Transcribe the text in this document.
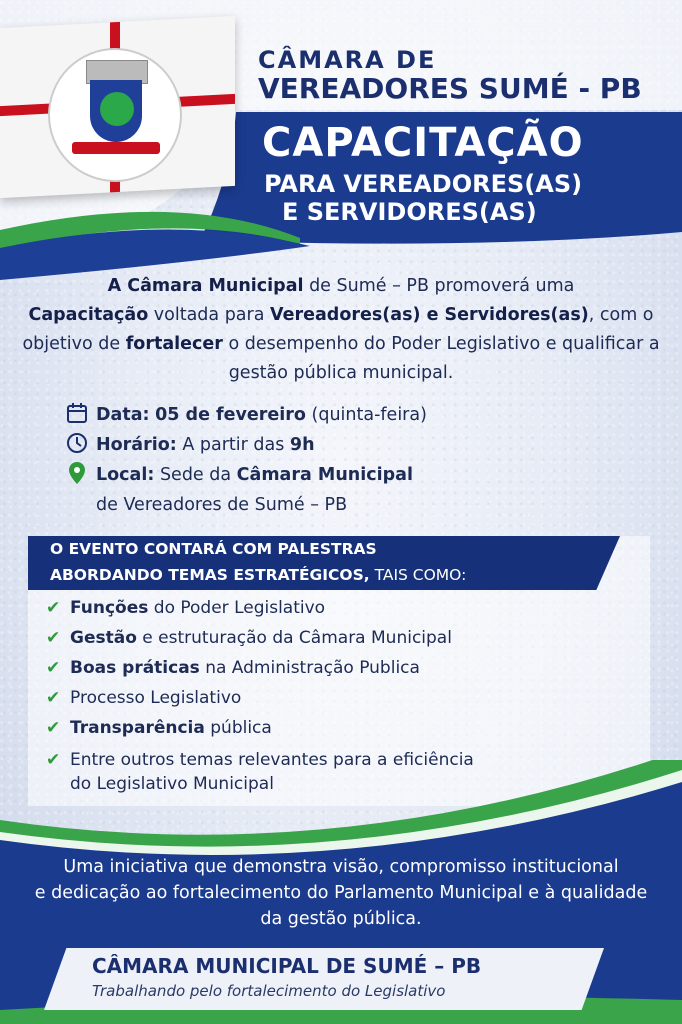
CÂMARA DE
VEREADORES SUMÉ - PB
CAPACITAÇÃO
PARA VEREADORES(AS)
E SERVIDORES(AS)
A Câmara Municipal de Sumé – PB promoverá uma
Capacitação voltada para Vereadores(as) e Servidores(as), com o objetivo de fortalecer o desempenho do Poder Legislativo e qualificar a gestão pública municipal.
Data: 05 de fevereiro (quinta-feira)
Horário: A partir das 9h
Local: Sede da Câmara Municipal
de Vereadores de Sumé – PB
O EVENTO CONTARÁ COM PALESTRAS
ABORDANDO TEMAS ESTRATÉGICOS, TAIS COMO:
✔ Funções do Poder Legislativo
✔ Gestão e estruturação da Câmara Municipal
✔ Boas práticas na Administração Publica
✔ Processo Legislativo
✔ Transparência pública
✔ Entre outros temas relevantes para a eficiência
do Legislativo Municipal
Uma iniciativa que demonstra visão, compromisso institucional
e dedicação ao fortalecimento do Parlamento Municipal e à qualidade
da gestão pública.
CÂMARA MUNICIPAL DE SUMÉ – PB
Trabalhando pelo fortalecimento do Legislativo
